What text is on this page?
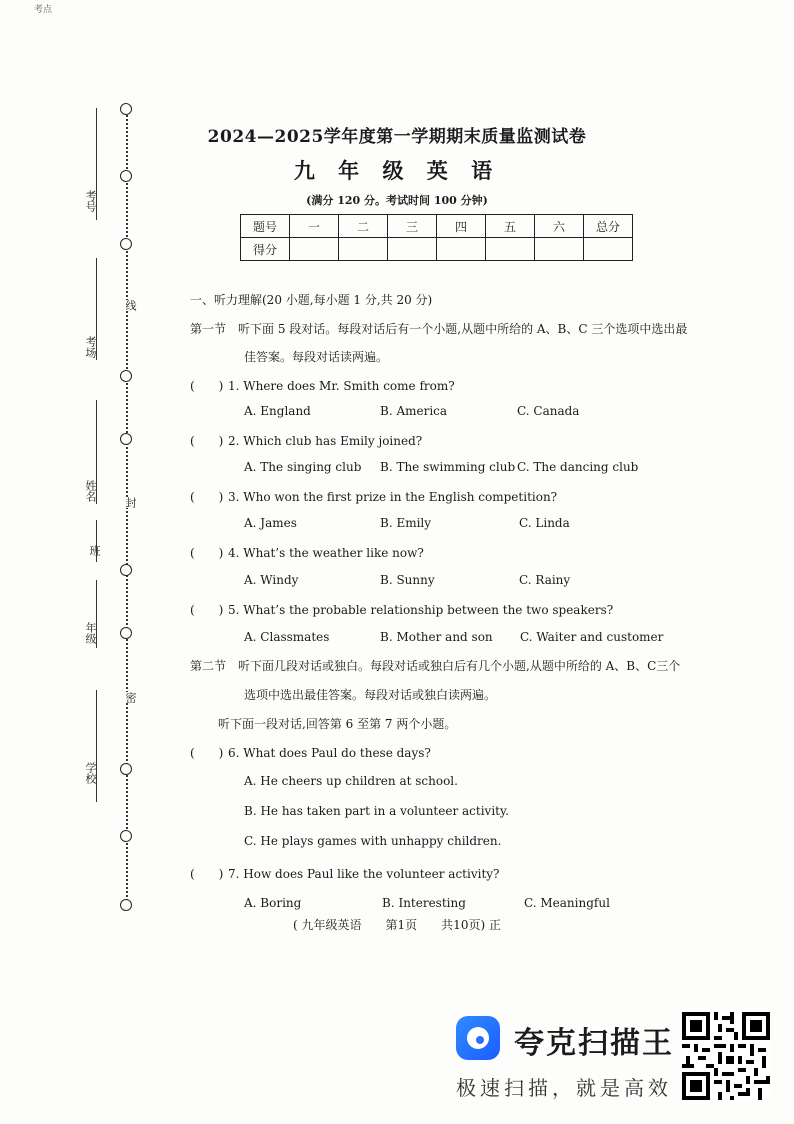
考点
线
封
密
考号
考场
姓名
班
年级
学校
2024—2025学年度第一学期期末质量监测试卷
九 年 级 英 语
(满分 120 分。考试时间 100 分钟)
题号	一	二	三	四	五	六	总分
得分							
一、听力理解(20 小题,每小题 1 分,共 20 分)
第一节　听下面 5 段对话。每段对话后有一个小题,从题中所给的 A、B、C 三个选项中选出最
佳答案。每段对话读两遍。
(　　) 1. Where does Mr. Smith come from?
A. England	B. America	C. Canada
(　　) 2. Which club has Emily joined?
A. The singing club B. The swimming club C. The dancing club
(　　) 3. Who won the first prize in the English competition?
A. James	B. Emily	C. Linda
(　　) 4. What’s the weather like now?
A. Windy	B. Sunny	C. Rainy
(　　) 5. What’s the probable relationship between the two speakers?
A. Classmates	B. Mother and son C. Waiter and customer
第二节　听下面几段对话或独白。每段对话或独白后有几个小题,从题中所给的 A、B、C三个
选项中选出最佳答案。每段对话或独白读两遍。
听下面一段对话,回答第 6 至第 7 两个小题。
(　　) 6. What does Paul do these days?
A. He cheers up children at school.
B. He has taken part in a volunteer activity.
C. He plays games with unhappy children.
(　　) 7. How does Paul like the volunteer activity?
A. Boring	B. Interesting	C. Meaningful
( 九年级英语　　第1页　　共10页) 正
夸克扫描王
极速扫描，就是高效
